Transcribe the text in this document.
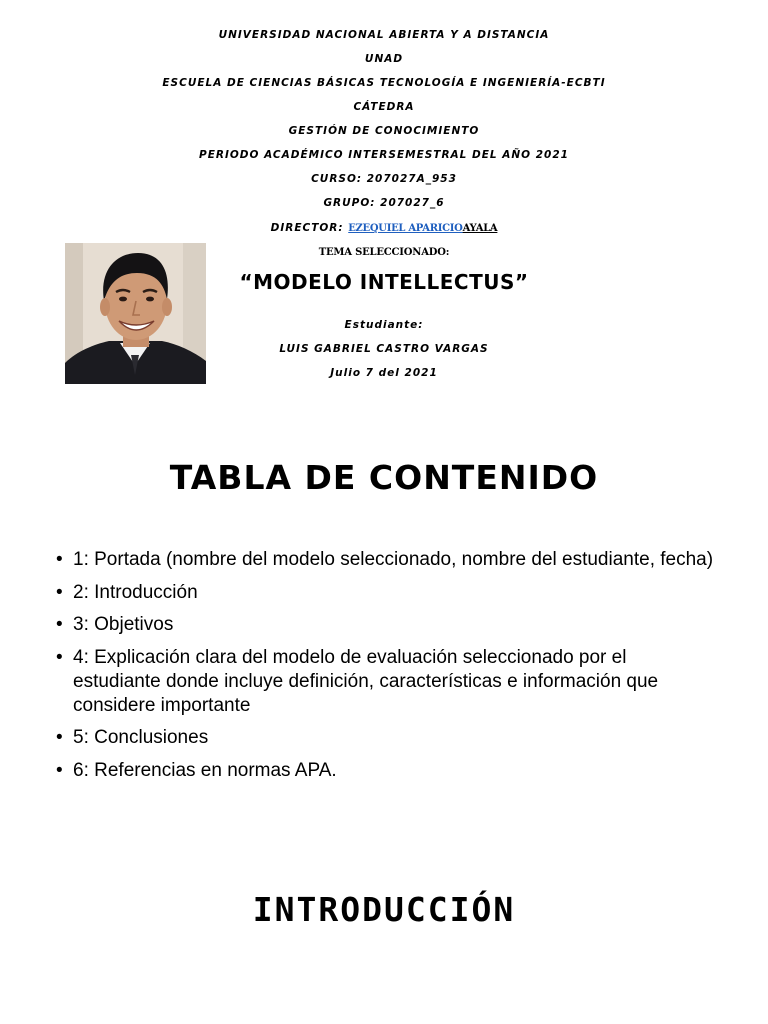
UNIVERSIDAD NACIONAL ABIERTA Y A DISTANCIA
UNAD
ESCUELA DE CIENCIAS BÁSICAS TECNOLOGÍA E INGENIERÍA-ECBTI
CÁTEDRA
GESTIÓN DE CONOCIMIENTO
PERIODO ACADÉMICO INTERSEMESTRAL DEL AÑO 2021
CURSO: 207027A_953
GRUPO: 207027_6
DIRECTOR: EZEQUIEL APARICIOAYALA
TEMA SELECCIONADO:
“MODELO INTELLECTUS”
Estudiante:
LUIS GABRIEL CASTRO VARGAS
Julio 7 del 2021
TABLA DE CONTENIDO
• 1: Portada (nombre del modelo seleccionado, nombre del estudiante, fecha)
• 2: Introducción
• 3: Objetivos
• 4: Explicación clara del modelo de evaluación seleccionado por el estudiante donde incluye definición, características e información que considere importante
• 5: Conclusiones
• 6: Referencias en normas APA.
INTRODUCCIÓN
